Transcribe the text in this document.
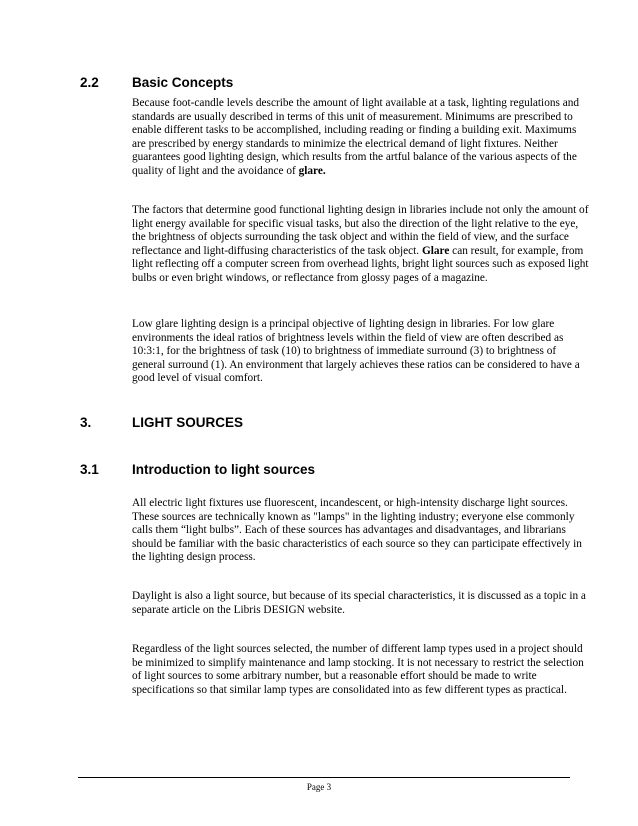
2.2 Basic Concepts

Because foot-candle levels describe the amount of light available at a task, lighting regulations and standards are usually described in terms of this unit of measurement. Minimums are prescribed to enable different tasks to be accomplished, including reading or finding a building exit. Maximums are prescribed by energy standards to minimize the electrical demand of light fixtures. Neither guarantees good lighting design, which results from the artful balance of the various aspects of the quality of light and the avoidance of glare.

The factors that determine good functional lighting design in libraries include not only the amount of light energy available for specific visual tasks, but also the direction of the light relative to the eye, the brightness of objects surrounding the task object and within the field of view, and the surface reflectance and light-diffusing characteristics of the task object. Glare can result, for example, from light reflecting off a computer screen from overhead lights, bright light sources such as exposed light bulbs or even bright windows, or reflectance from glossy pages of a magazine.

Low glare lighting design is a principal objective of lighting design in libraries. For low glare environments the ideal ratios of brightness levels within the field of view are often described as 10:3:1, for the brightness of task (10) to brightness of immediate surround (3) to brightness of general surround (1). An environment that largely achieves these ratios can be considered to have a good level of visual comfort.

3.	LIGHT SOURCES
3.1 Introduction to light sources

All electric light fixtures use fluorescent, incandescent, or high-intensity discharge light sources. These sources are technically known as "lamps" in the lighting industry; everyone else commonly calls them “light bulbs”. Each of these sources has advantages and disadvantages, and librarians should be familiar with the basic characteristics of each source so they can participate effectively in the lighting design process.

Daylight is also a light source, but because of its special characteristics, it is discussed as a topic in a separate article on the Libris DESIGN website.

Regardless of the light sources selected, the number of different lamp types used in a project should be minimized to simplify maintenance and lamp stocking. It is not necessary to restrict the selection of light sources to some arbitrary number, but a reasonable effort should be made to write specifications so that similar lamp types are consolidated into as few different types as practical.

Page 3
